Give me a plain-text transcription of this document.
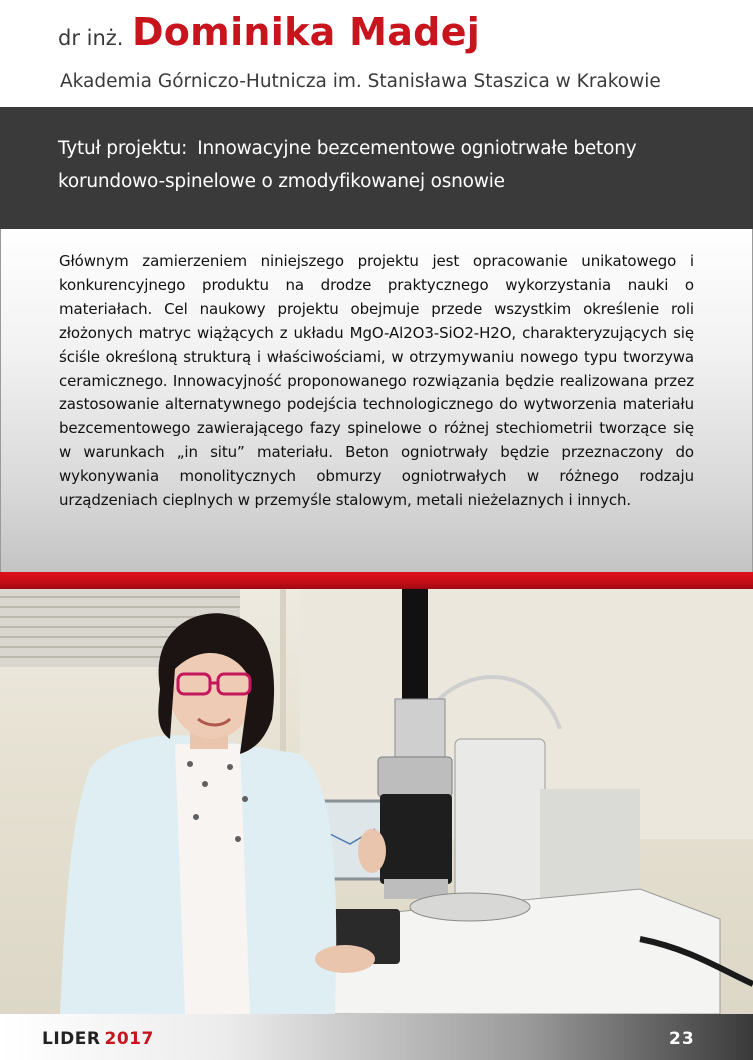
dr inż. Dominika Madej
Akademia Górniczo-Hutnicza im. Stanisława Staszica w Krakowie
Tytuł projektu: Innowacyjne bezcementowe ogniotrwałe betony korundowo-spinelowe o zmodyfikowanej osnowie

Głównym zamierzeniem niniejszego projektu jest opracowanie unikatowego i konkurencyjnego produktu na drodze praktycznego wykorzystania nauki o materiałach. Cel naukowy projektu obejmuje przede wszystkim określenie roli złożonych matryc wiążących z układu MgO-Al2O3-SiO2-H2O, charakteryzujących się ściśle określoną strukturą i właściwościami, w otrzymywaniu nowego typu tworzywa ceramicznego. Innowacyjność proponowanego rozwiązania będzie realizowana przez zastosowanie alternatywnego podejścia technologicznego do wytworzenia materiału bezcementowego zawierającego fazy spinelowe o różnej stechiometrii tworzące się w warunkach „in situ” materiału. Beton ogniotrwały będzie przeznaczony do wykonywania monolitycznych obmurzy ogniotrwałych w różnego rodzaju urządzeniach cieplnych w przemyśle stalowym, metali nieżelaznych i innych.

LIDER 2017	23
